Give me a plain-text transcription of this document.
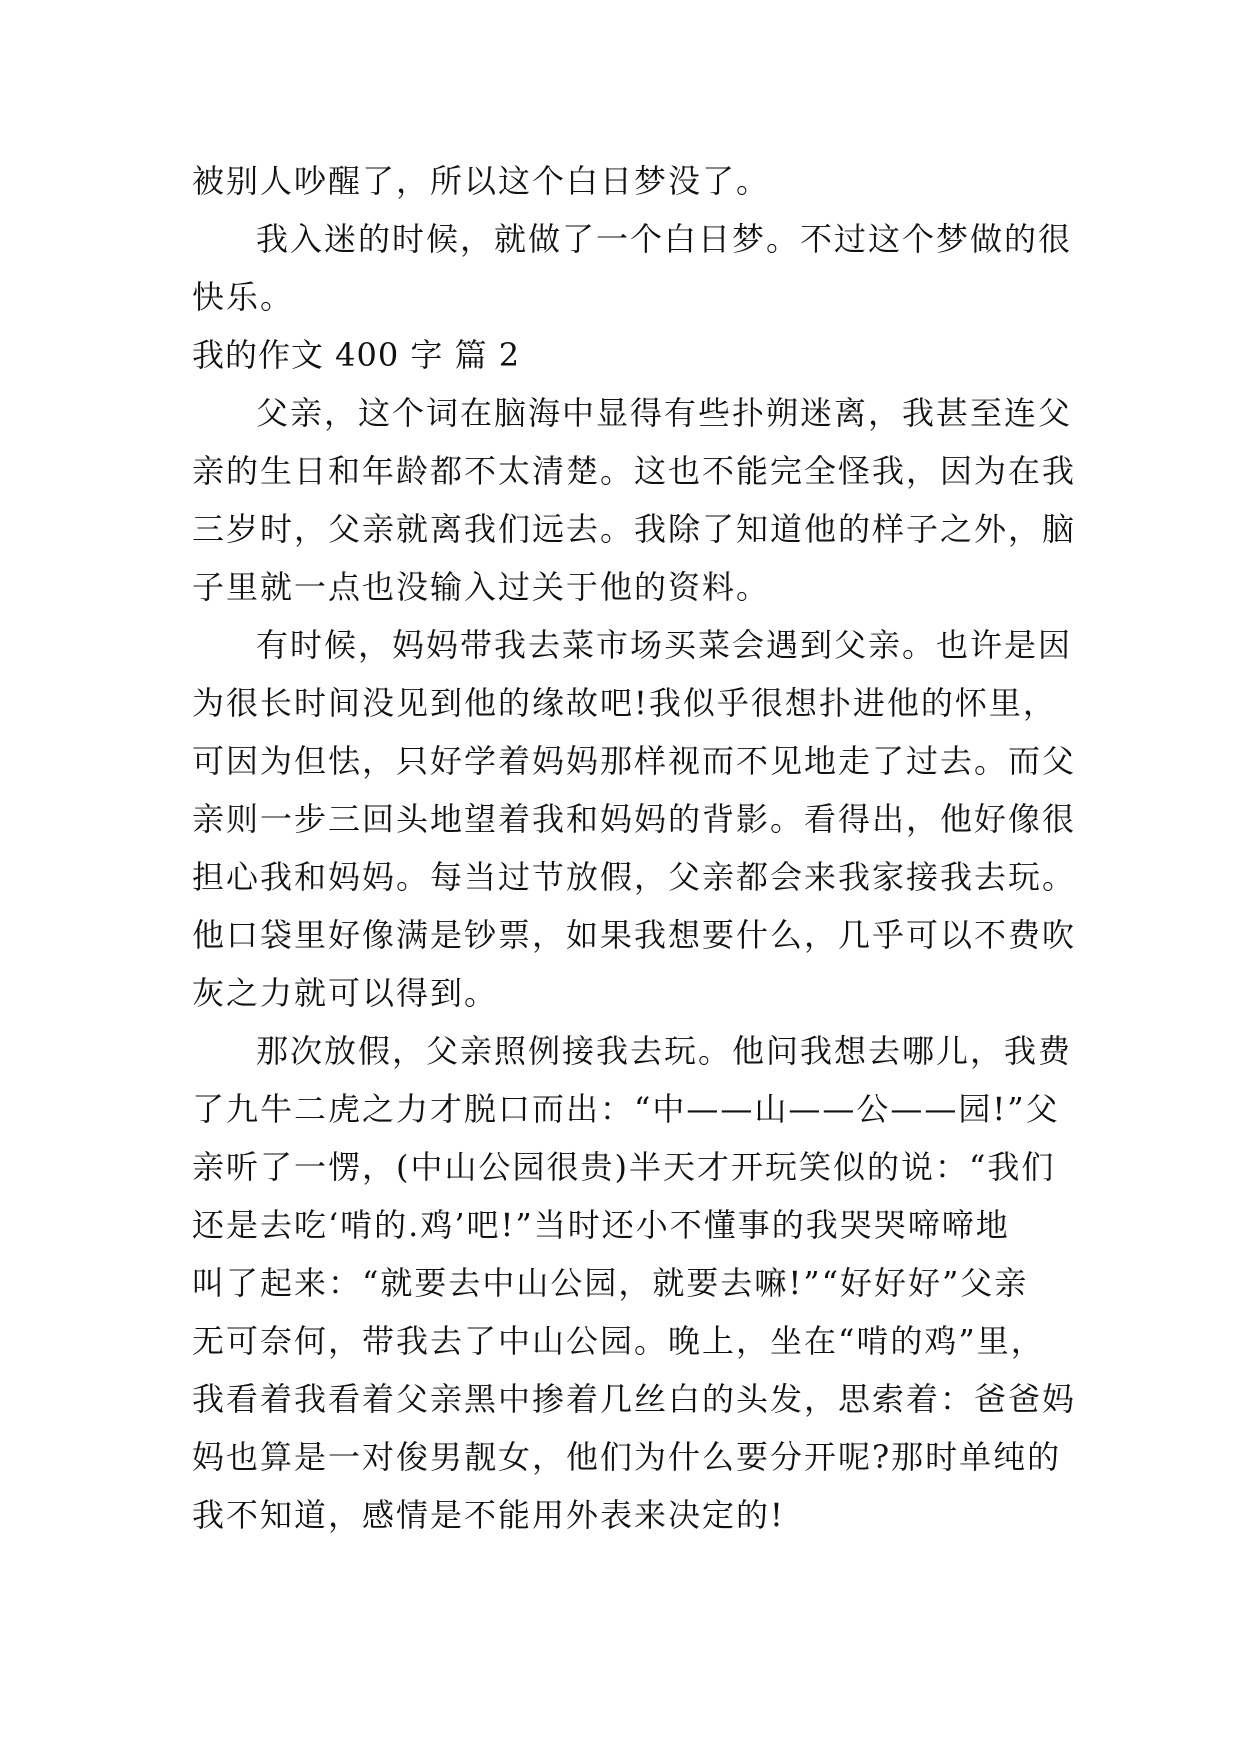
被别人吵醒了，所以这个白日梦没了。
我入迷的时候，就做了一个白日梦。不过这个梦做的很
快乐。
我的作文 400 字 篇 2
父亲，这个词在脑海中显得有些扑朔迷离，我甚至连父
亲的生日和年龄都不太清楚。这也不能完全怪我，因为在我
三岁时，父亲就离我们远去。我除了知道他的样子之外，脑
子里就一点也没输入过关于他的资料。
有时候，妈妈带我去菜市场买菜会遇到父亲。也许是因
为很长时间没见到他的缘故吧!我似乎很想扑进他的怀里，
可因为但怯，只好学着妈妈那样视而不见地走了过去。而父
亲则一步三回头地望着我和妈妈的背影。看得出，他好像很
担心我和妈妈。每当过节放假，父亲都会来我家接我去玩。
他口袋里好像满是钞票，如果我想要什么，几乎可以不费吹
灰之力就可以得到。
那次放假，父亲照例接我去玩。他问我想去哪儿，我费
了九牛二虎之力才脱口而出：“中——山——公——园!”父
亲听了一愣，(中山公园很贵)半天才开玩笑似的说：“我们
还是去吃‘啃的.鸡’吧!”当时还小不懂事的我哭哭啼啼地
叫了起来：“就要去中山公园，就要去嘛!”“好好好”父亲
无可奈何，带我去了中山公园。晚上，坐在“啃的鸡”里，
我看着我看着父亲黑中掺着几丝白的头发，思索着：爸爸妈
妈也算是一对俊男靓女，他们为什么要分开呢?那时单纯的
我不知道，感情是不能用外表来决定的!
